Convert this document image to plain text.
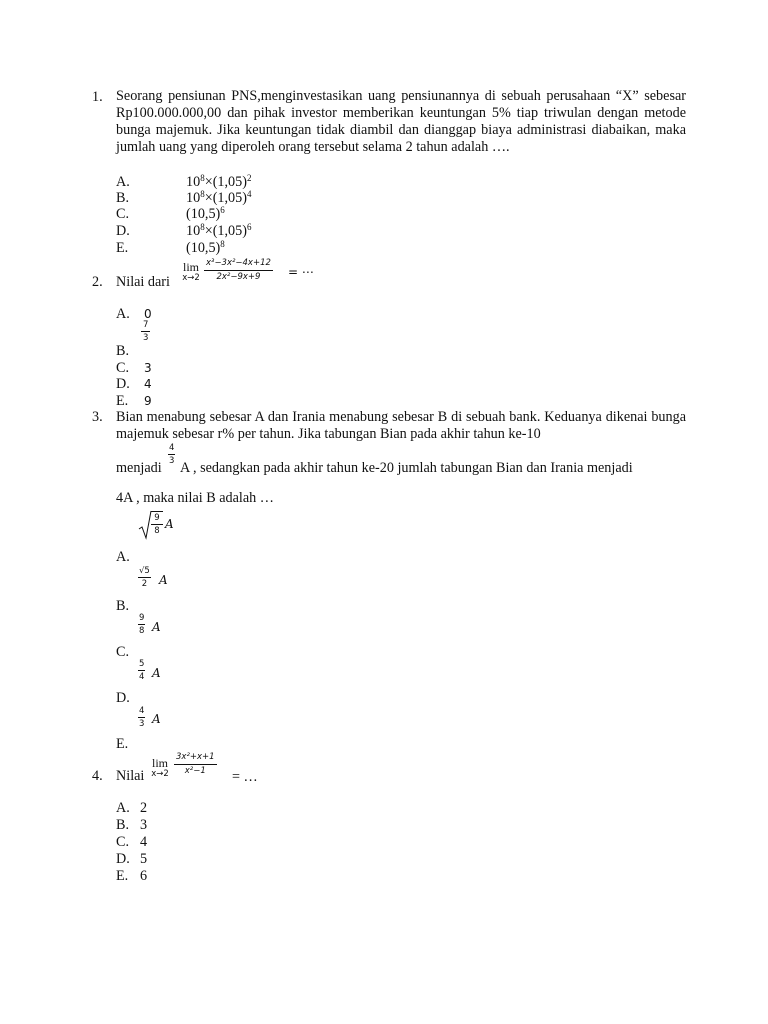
1. Seorang pensiunan PNS,menginvestasikan uang pensiunannya di sebuah perusahaan “X” sebesar Rp100.000.000,00 dan pihak investor memberikan keuntungan 5% tiap triwulan dengan metode bunga majemuk. Jika keuntungan tidak diambil dan dianggap biaya administrasi diabaikan, maka jumlah uang yang diperoleh orang tersebut selama 2 tahun adalah ….
A.	$10^8\times(1,05)^2$
B.	$10^8\times(1,05)^4$
C.	$(10,5)^6$
D.	$10^8\times(1,05)^6$
E.	$(10,5)^8$
2. Nilai dari
lim
x→2
x³−3x²−4x+12
2x²−9x+9	= ⋯
A. 0
7
3
B.
C. 3
D. 4
E. 9
3. Bian menabung sebesar A dan Irania menabung sebesar B di sebuah bank. Keduanya dikenai bunga majemuk sebesar r% per tahun. Jika tabungan Bian pada akhir tahun ke-10
menjadi
4
3 A , sedangkan pada akhir tahun ke-20 jumlah tabungan Bian dan Irania menjadi
4A , maka nilai B adalah …
9
8 A
A.
√5
2 A
B.
9
8 A
C.
5
4 A
D.
4
3 A
E.
4. Nilai
lim
x→2
3x²+x+1
x²−1	= …
A. 2
B. 3
C. 4
D. 5
E. 6
